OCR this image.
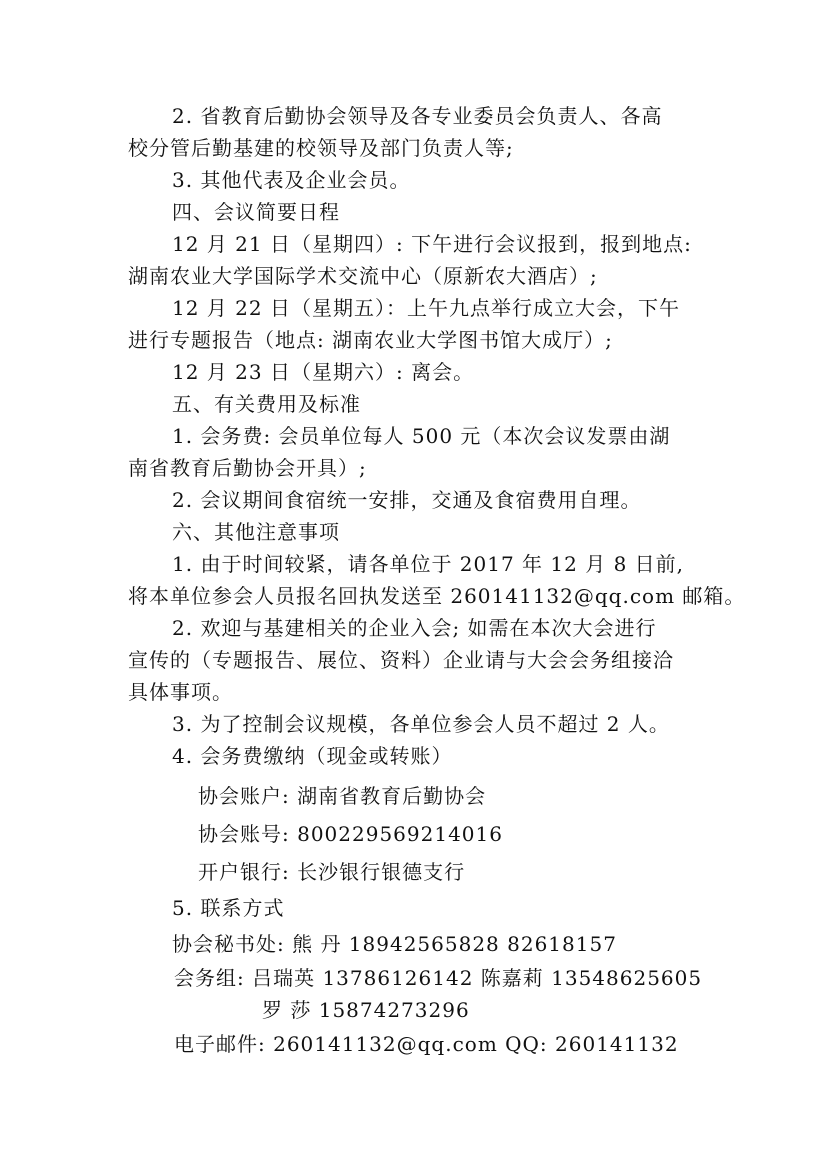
2. 省教育后勤协会领导及各专业委员会负责人、各高
校分管后勤基建的校领导及部门负责人等;
3. 其他代表及企业会员。
四、会议简要日程
12 月 21 日（星期四）: 下午进行会议报到，报到地点:
湖南农业大学国际学术交流中心（原新农大酒店）;
12 月 22 日（星期五）：上午九点举行成立大会，下午
进行专题报告（地点: 湖南农业大学图书馆大成厅）;
12 月 23 日（星期六）: 离会。
五、有关费用及标准
1. 会务费: 会员单位每人 500 元（本次会议发票由湖
南省教育后勤协会开具）;
2. 会议期间食宿统一安排，交通及食宿费用自理。
六、其他注意事项
1. 由于时间较紧，请各单位于 2017 年 12 月 8 日前,
将本单位参会人员报名回执发送至 260141132@qq.com 邮箱。
2. 欢迎与基建相关的企业入会; 如需在本次大会进行
宣传的（专题报告、展位、资料）企业请与大会会务组接洽
具体事项。
3. 为了控制会议规模，各单位参会人员不超过 2 人。
4. 会务费缴纳（现金或转账）
协会账户: 湖南省教育后勤协会
协会账号: 800229569214016
开户银行: 长沙银行银德支行
5. 联系方式
协会秘书处: 熊 丹 18942565828 82618157
会务组: 吕瑞英 13786126142 陈嘉莉 13548625605
罗 莎 15874273296
电子邮件: 260141132@qq.com QQ: 260141132
